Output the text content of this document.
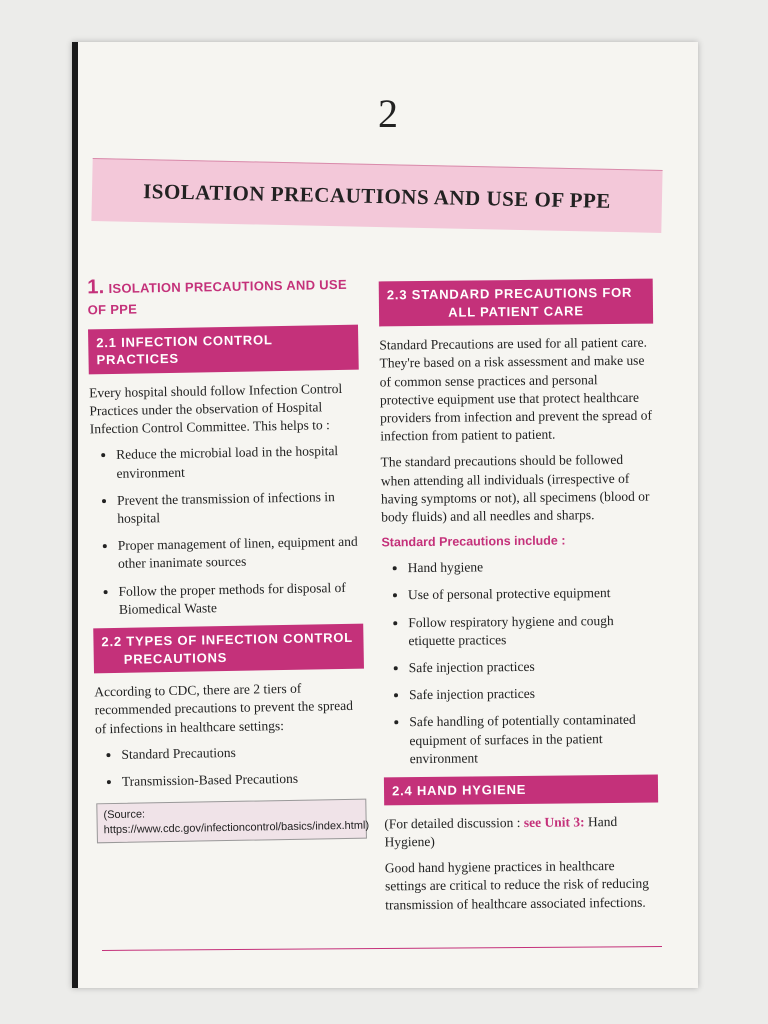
2
ISOLATION PRECAUTIONS AND USE OF PPE
1. ISOLATION PRECAUTIONS AND USE OF PPE
2.1 INFECTION CONTROL PRACTICES

Every hospital should follow Infection Control Practices under the observation of Hospital Infection Control Committee. This helps to :

• Reduce the microbial load in the hospital environment
• Prevent the transmission of infections in hospital
• Proper management of linen, equipment and other inanimate sources
• Follow the proper methods for disposal of Biomedical Waste
2.2 TYPES OF INFECTION CONTROL
PRECAUTIONS

According to CDC, there are 2 tiers of recommended precautions to prevent the spread of infections in healthcare settings:

• Standard Precautions
• Transmission-Based Precautions
(Source: https://www.cdc.gov/infectioncontrol/basics/index.html)
2.3 STANDARD PRECAUTIONS FOR
ALL PATIENT CARE

Standard Precautions are used for all patient care. They're based on a risk assessment and make use of common sense practices and personal protective equipment use that protect healthcare providers from infection and prevent the spread of infection from patient to patient.

The standard precautions should be followed when attending all individuals (irrespective of having symptoms or not), all specimens (blood or body fluids) and all needles and sharps.

Standard Precautions include :
• Hand hygiene
• Use of personal protective equipment
• Follow respiratory hygiene and cough etiquette practices
• Safe injection practices
• Safe injection practices
• Safe handling of potentially contaminated equipment of surfaces in the patient environment
2.4 HAND HYGIENE

(For detailed discussion : see Unit 3: Hand Hygiene)

Good hand hygiene practices in healthcare settings are critical to reduce the risk of reducing transmission of healthcare associated infections.
